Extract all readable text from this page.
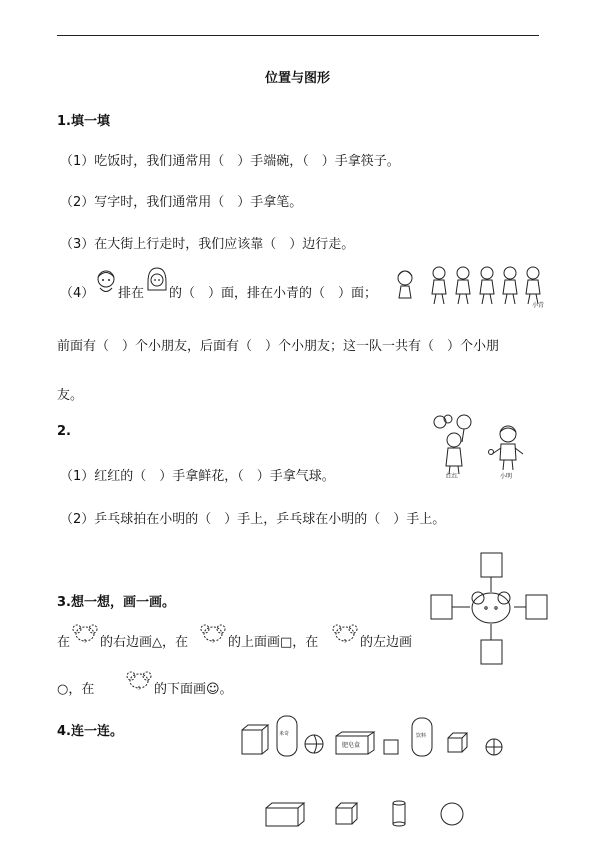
位置与图形
1.填一填
（1）吃饭时，我们通常用（　）手端碗，（　）手拿筷子。
（2）写字时，我们通常用（　）手拿笔。
（3）在大街上行走时，我们应该靠（　）边行走。
（4） 排在 的（　）面，排在小青的（　）面；
小青
前面有（　）个小朋友，后面有（　）个小朋友；这一队一共有（　）个小朋
友。
2.
红红	小明
（1）红红的（　）手拿鲜花，（　）手拿气球。
（2）乒乓球拍在小明的（　）手上，乒乓球在小明的（　）手上。
3.想一想，画一画。
在 的右边画△，在	的上面画□，在	的左边画
○，在	的下面画☺。
4.连一连。	米奇
肥皂盒
饮料
